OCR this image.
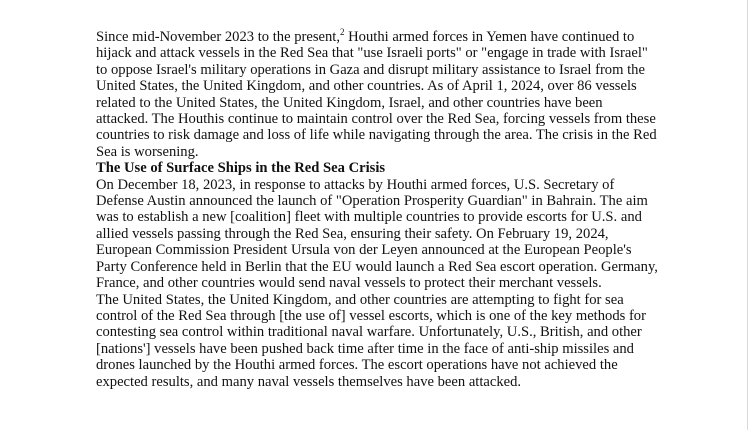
Since mid-November 2023 to the present,$^2$ Houthi armed forces in Yemen have continued to hijack and attack vessels in the Red Sea that "use Israeli ports" or "engage in trade with Israel" to oppose Israel's military operations in Gaza and disrupt military assistance to Israel from the United States, the United Kingdom, and other countries. As of April 1, 2024, over 86 vessels related to the United States, the United Kingdom, Israel, and other countries have been attacked. The Houthis continue to maintain control over the Red Sea, forcing vessels from these countries to risk damage and loss of life while navigating through the area. The crisis in the Red Sea is worsening.

The Use of Surface Ships in the Red Sea Crisis

On December 18, 2023, in response to attacks by Houthi armed forces, U.S. Secretary of Defense Austin announced the launch of "Operation Prosperity Guardian" in Bahrain. The aim was to establish a new [coalition] fleet with multiple countries to provide escorts for U.S. and allied vessels passing through the Red Sea, ensuring their safety. On February 19, 2024, European Commission President Ursula von der Leyen announced at the European People's Party Conference held in Berlin that the EU would launch a Red Sea escort operation. Germany, France, and other countries would send naval vessels to protect their merchant vessels.

The United States, the United Kingdom, and other countries are attempting to fight for sea control of the Red Sea through [the use of] vessel escorts, which is one of the key methods for contesting sea control within traditional naval warfare. Unfortunately, U.S., British, and other [nations'] vessels have been pushed back time after time in the face of anti-ship missiles and drones launched by the Houthi armed forces. The escort operations have not achieved the expected results, and many naval vessels themselves have been attacked.
